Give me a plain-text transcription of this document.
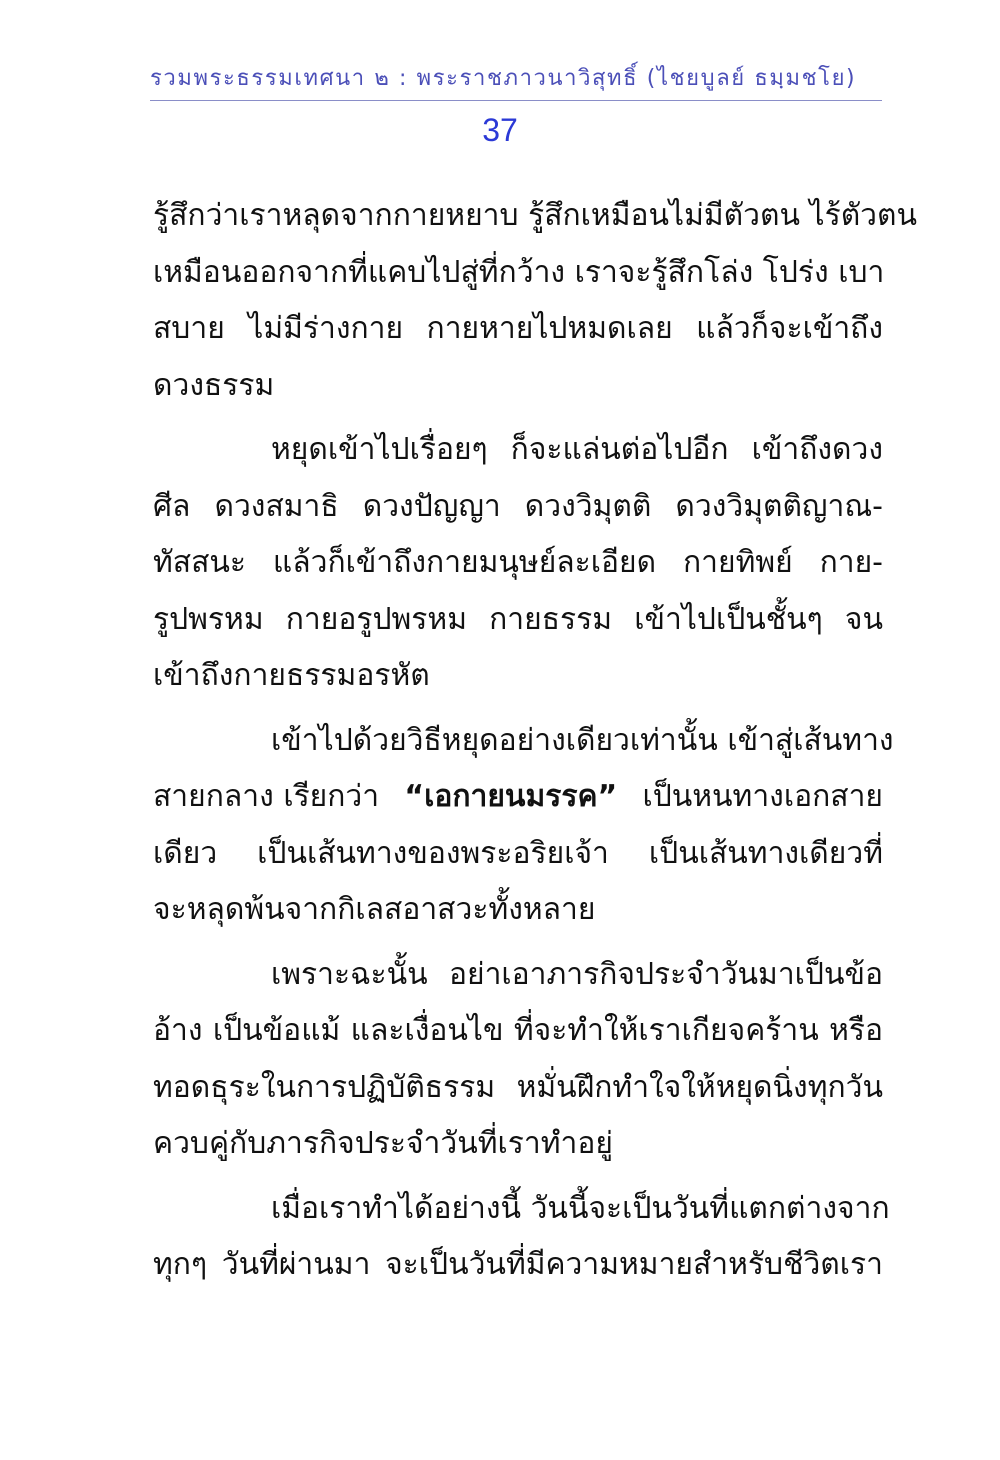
รวมพระธรรมเทศนา ๒ : พระราชภาวนาวิสุทธิ์ (ไชยบูลย์ ธมฺมชโย)
37
รู้สึกว่าเราหลุดจากกายหยาบ รู้สึกเหมือนไม่มีตัวตน ไร้ตัวตน
เหมือนออกจากที่แคบไปสู่ที่กว้าง เราจะรู้สึกโล่ง โปร่ง เบา
สบาย ไม่มีร่างกาย กายหายไปหมดเลย แล้วก็จะเข้าถึง
ดวงธรรม
หยุดเข้าไปเรื่อยๆ ก็จะแล่นต่อไปอีก เข้าถึงดวง
ศีล ดวงสมาธิ ดวงปัญญา ดวงวิมุตติ ดวงวิมุตติญาณ-
ทัสสนะ แล้วก็เข้าถึงกายมนุษย์ละเอียด กายทิพย์ กาย-
รูปพรหม กายอรูปพรหม กายธรรม เข้าไปเป็นชั้นๆ จน
เข้าถึงกายธรรมอรหัต
เข้าไปด้วยวิธีหยุดอย่างเดียวเท่านั้น เข้าสู่เส้นทาง
สายกลาง เรียกว่า “เอกายนมรรค” เป็นหนทางเอกสาย
เดียว เป็นเส้นทางของพระอริยเจ้า เป็นเส้นทางเดียวที่
จะหลุดพ้นจากกิเลสอาสวะทั้งหลาย
เพราะฉะนั้น อย่าเอาภารกิจประจำวันมาเป็นข้อ
อ้าง เป็นข้อแม้ และเงื่อนไข ที่จะทำให้เราเกียจคร้าน หรือ
ทอดธุระในการปฏิบัติธรรม หมั่นฝึกทำใจให้หยุดนิ่งทุกวัน
ควบคู่กับภารกิจประจำวันที่เราทำอยู่
เมื่อเราทำได้อย่างนี้ วันนี้จะเป็นวันที่แตกต่างจาก
ทุกๆ วันที่ผ่านมา จะเป็นวันที่มีความหมายสำหรับชีวิตเรา
